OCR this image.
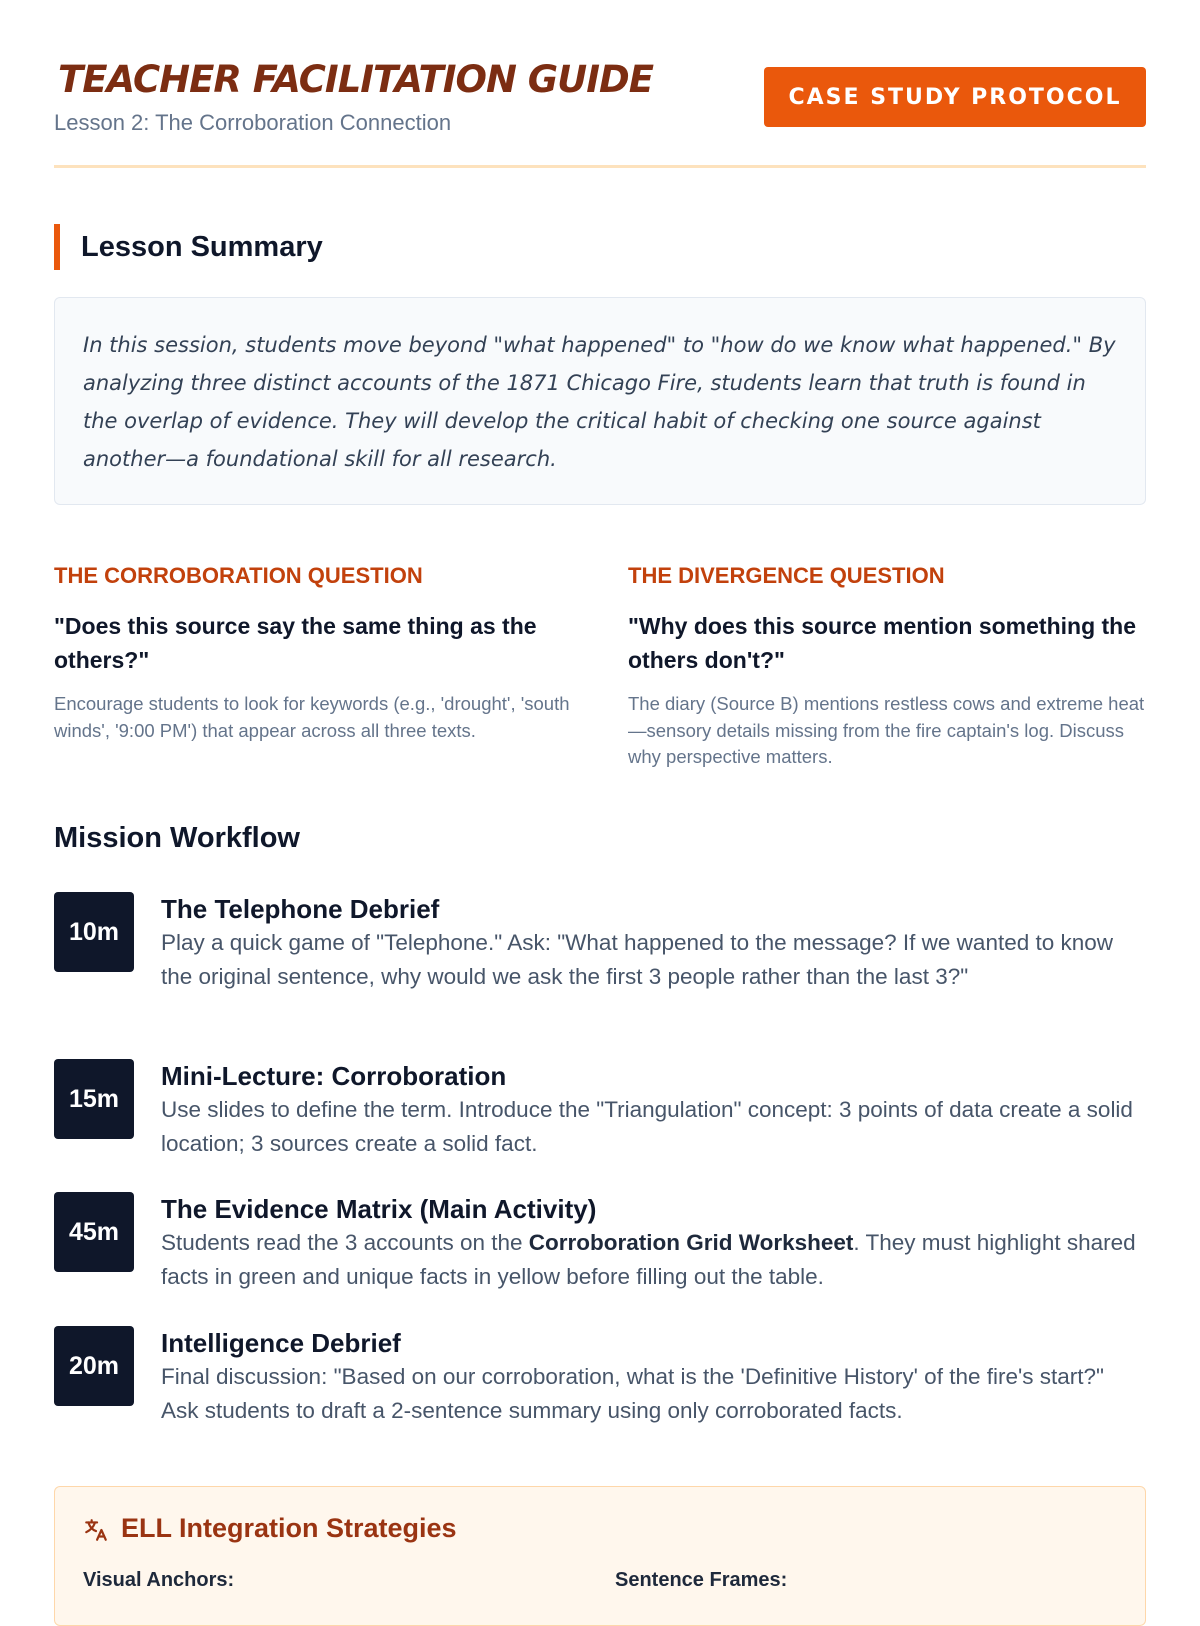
TEACHER FACILITATION GUIDE
Lesson 2: The Corroboration Connection
CASE STUDY PROTOCOL
Lesson Summary
In this session, students move beyond "what happened" to "how do we know what happened." By analyzing three distinct accounts of the 1871 Chicago Fire, students learn that truth is found in the overlap of evidence. They will develop the critical habit of checking one source against another—a foundational skill for all research.

THE CORROBORATION QUESTION

"Does this source say the same thing as the others?"

Encourage students to look for keywords (e.g., 'drought', 'south winds', '9:00 PM') that appear across all three texts.

THE DIVERGENCE QUESTION

"Why does this source mention something the others don't?"

The diary (Source B) mentions restless cows and extreme heat—sensory details missing from the fire captain's log. Discuss why perspective matters.

Mission Workflow
10m

The Telephone Debrief

Play a quick game of "Telephone." Ask: "What happened to the message? If we wanted to know the original sentence, why would we ask the first 3 people rather than the last 3?"

15m

Mini-Lecture: Corroboration

Use slides to define the term. Introduce the "Triangulation" concept: 3 points of data create a solid location; 3 sources create a solid fact.

45m

The Evidence Matrix (Main Activity)

Students read the 3 accounts on the Corroboration Grid Worksheet. They must highlight shared facts in green and unique facts in yellow before filling out the table.

20m

Intelligence Debrief

Final discussion: "Based on our corroboration, what is the 'Definitive History' of the fire's start?" Ask students to draft a 2-sentence summary using only corroborated facts.

ELL Integration Strategies
Visual Anchors:	Sentence Frames:
